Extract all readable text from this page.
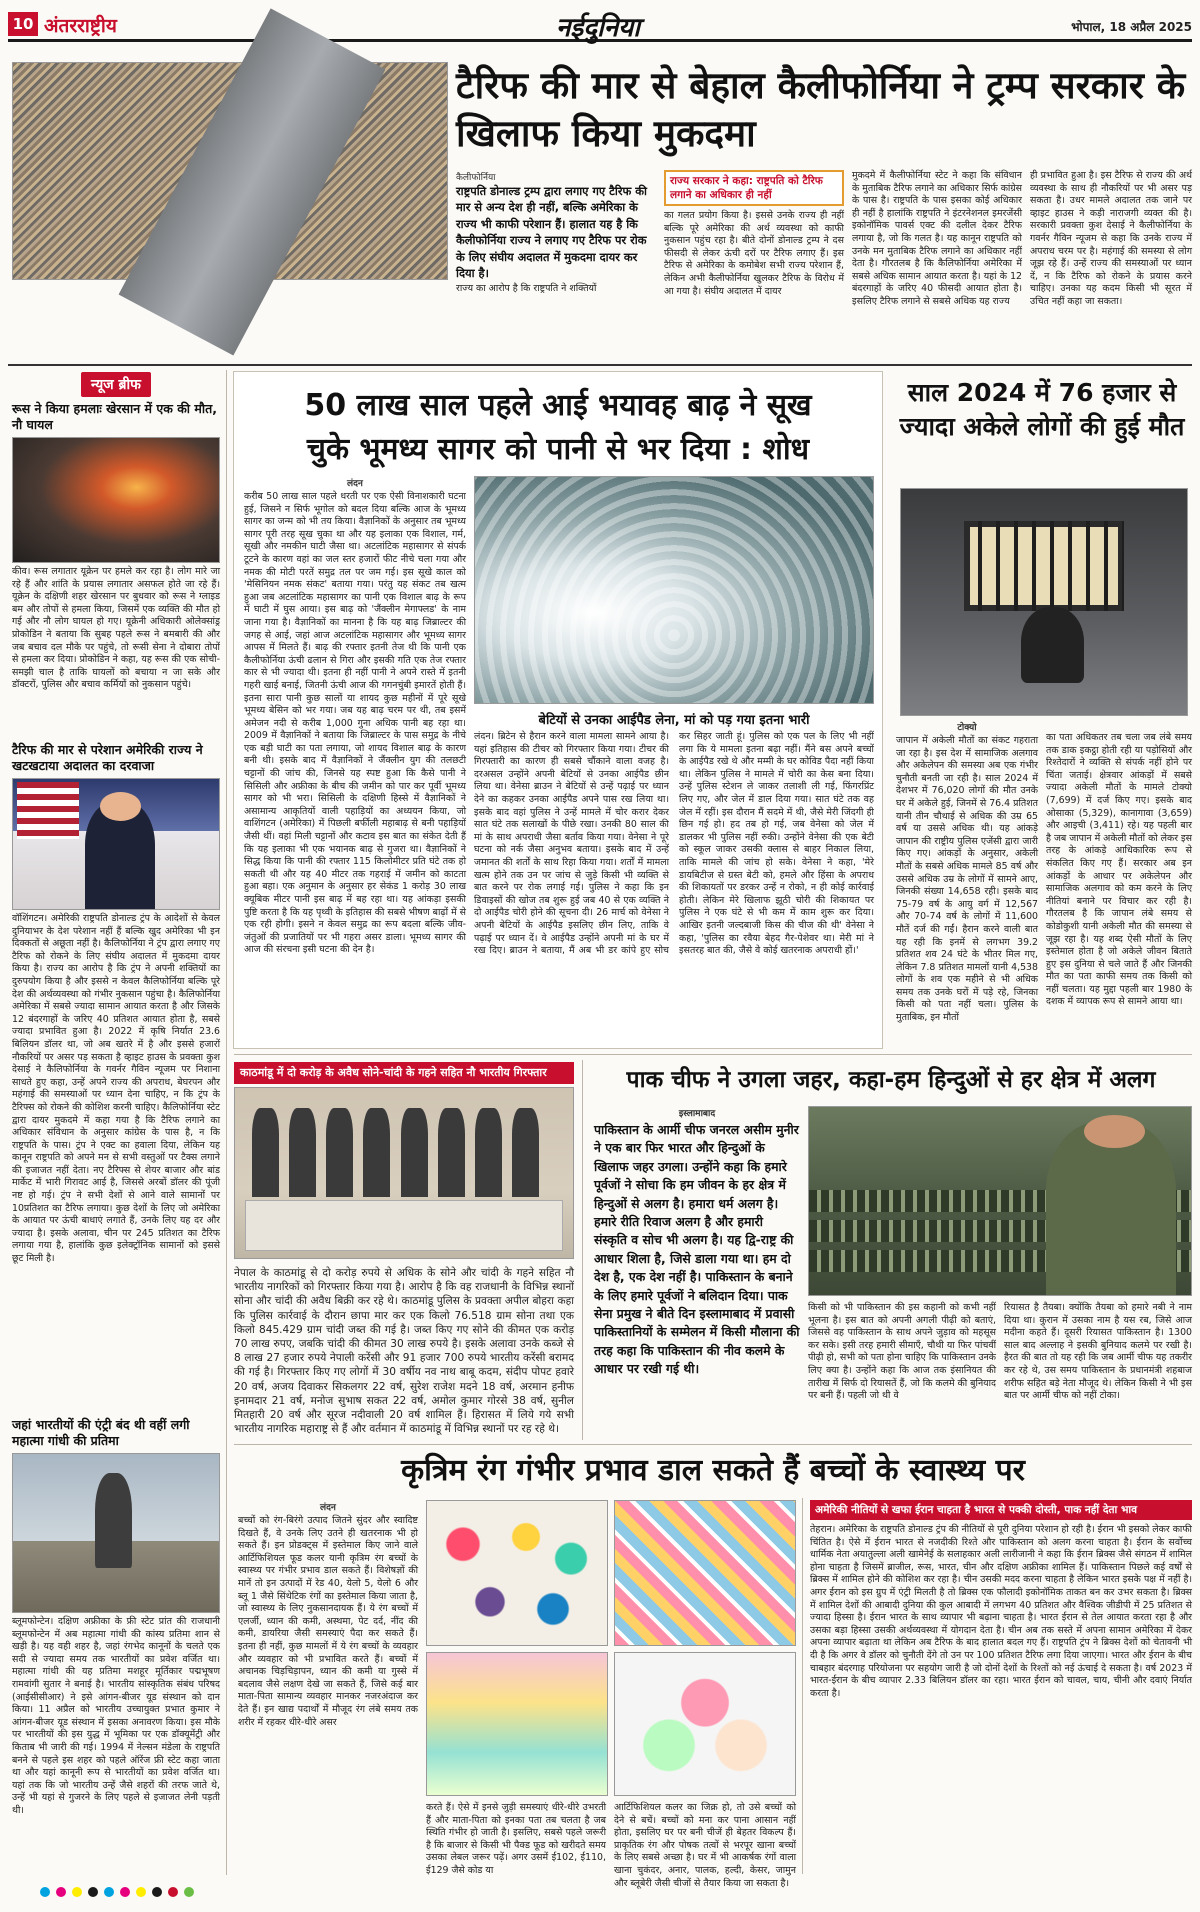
10 अंतरराष्ट्रीय	नईदुनिया	भोपाल, 18 अप्रैल 2025
टैरिफ की मार से बेहाल कैलीफोर्निया ने ट्रम्प सरकार के खिलाफ किया मुकदमा
कैलीफोर्निया
राष्ट्रपति डोनाल्ड ट्रम्प द्वारा लगाए गए टैरिफ की मार से अन्य देश ही नहीं, बल्कि अमेरिका के राज्य भी काफी परेशान हैं। हालात यह है कि कैलीफोर्निया राज्य ने लगाए गए टैरिफ पर रोक के लिए संघीय अदालत में मुकदमा दायर कर दिया है।
राज्य का आरोप है कि राष्ट्रपति ने शक्तियों
राज्य सरकार ने कहा: राष्ट्रपति को टैरिफ लगाने का अधिकार ही नहीं
का गलत प्रयोग किया है। इससे उनके राज्य ही नहीं बल्कि पूरे अमेरिका की अर्थ व्यवस्था को काफी नुकसान पहुंच रहा है। बीते दोनों डोनाल्ड ट्रम्प ने दस फीसदी से लेकर ऊंची दरों पर टैरिफ लगाए हैं। इस टैरिफ से अमेरिका के कमोबेश सभी राज्य परेशान हैं, लेकिन अभी कैलीफोर्निया खुलकर टैरिफ के विरोध में आ गया है। संघीय अदालत में दायर
मुकदमे में कैलीफोर्निया स्टेट ने कहा कि संविधान के मुताबिक टैरिफ लगाने का अधिकार सिर्फ कांग्रेस के पास है। राष्ट्रपति के पास इसका कोई अधिकार ही नहीं है हालांकि राष्ट्रपति ने इंटरनेशनल इमरजेंसी इकोनॉमिक पावर्स एक्ट की दलील देकर टैरिफ लगाया है, जो कि गलत है। यह कानून राष्ट्रपति को उनके मन मुताबिक टैरिफ लगाने का अधिकार नहीं देता है। गौरतलब है कि कैलिफोर्निया अमेरिका में सबसे अधिक सामान आयात करता है। यहां के 12 बंदरगाहों के जरिए 40 फीसदी आयात होता है। इसलिए टैरिफ लगाने से सबसे अधिक यह राज्य
ही प्रभावित हुआ है। इस टैरिफ से राज्य की अर्थ व्यवस्था के साथ ही नौकरियों पर भी असर पड़ सकता है। उधर मामले अदालत तक जाने पर व्हाइट हाउस ने कड़ी नाराजगी व्यक्त की है। सरकारी प्रवक्ता कुश देसाई ने कैलीफोर्निया के गवर्नर गैविन न्यूजम से कहा कि उनके राज्य में अपराध चरम पर है। महंगाई की समस्या से लोग जूझ रहे हैं। उन्हें राज्य की समस्याओं पर ध्यान दें, न कि टैरिफ को रोकने के प्रयास करने चाहिए। उनका यह कदम किसी भी सूरत में उचित नहीं कहा जा सकता।
न्यूज ब्रीफ
रूस ने किया हमलाः खेरसान में एक की मौत, नौ घायल
कीव। रूस लगातार यूक्रेन पर हमले कर रहा है। लोग मारे जा रहे हैं और शांति के प्रयास लगातार असफल होते जा रहे हैं। यूक्रेन के दक्षिणी शहर खेरसान पर बुधवार को रूस ने ग्लाइड बम और तोपों से हमला किया, जिसमें एक व्यक्ति की मौत हो गई और नौ लोग घायल हो गए। यूक्रेनी अधिकारी ओलेक्सांड्र प्रोकोडिन ने बताया कि सुबह पहले रूस ने बमबारी की और जब बचाव दल मौके पर पहुंचे, तो रूसी सेना ने दोबारा तोपों से हमला कर दिया। प्रोकोडिन ने कहा, यह रूस की एक सोची-समझी चाल है ताकि घायलों को बचाया न जा सके और डॉक्टरों, पुलिस और बचाव कर्मियों को नुकसान पहुंचे।
टैरिफ की मार से परेशान अमेरिकी राज्य ने खटखटाया अदालत का दरवाजा
वॉशिंगटन। अमेरिकी राष्ट्रपति डोनाल्ड ट्रंप के आदेशों से केवल दुनियाभर के देश परेशान नहीं हैं बल्कि खुद अमेरिका भी इन दिक्कतों से अछूता नहीं है। कैलिफोर्निया ने ट्रंप द्वारा लगाए गए टैरिफ को रोकने के लिए संघीय अदालत में मुकदमा दायर किया है। राज्य का आरोप है कि ट्रंप ने अपनी शक्तियों का दुरुपयोग किया है और इससे न केवल कैलिफोर्निया बल्कि पूरे देश की अर्थव्यवस्था को गंभीर नुकसान पहुंचा है। कैलिफोर्निया अमेरिका में सबसे ज्यादा सामान आयात करता है और जिसके 12 बंदरगाहों के जरिए 40 प्रतिशत आयात होता है, सबसे ज्यादा प्रभावित हुआ है। 2022 में कृषि निर्यात 23.6 बिलियन डॉलर था, जो अब खतरे में है और इससे हजारों नौकरियों पर असर पड़ सकता है व्हाइट हाउस के प्रवक्ता कुश देसाई ने कैलिफोर्निया के गवर्नर गैविन न्यूजम पर निशाना साधते हुए कहा, उन्हें अपने राज्य की अपराध, बेघरपन और महंगाई की समस्याओं पर ध्यान देना चाहिए, न कि ट्रंप के टैरिफ्स को रोकने की कोशिश करनी चाहिए। कैलिफोर्निया स्टेट द्वारा दायर मुकदमे में कहा गया है कि टैरिफ लगाने का अधिकार संविधान के अनुसार कांग्रेस के पास है, न कि राष्ट्रपति के पास। ट्रंप ने एक्ट का हवाला दिया, लेकिन यह कानून राष्ट्रपति को अपने मन से सभी वस्तुओं पर टैक्स लगाने की इजाजत नहीं देता। नए टैरिफ्स से शेयर बाजार और बांड मार्केट में भारी गिरावट आई है, जिससे अरबों डॉलर की पूंजी नष्ट हो गई। ट्रंप ने सभी देशों से आने वाले सामानों पर 10प्रतिशत का टैरिफ लगाया। कुछ देशों के लिए जो अमेरिका के आयात पर ऊंची बाधाएं लगाते हैं, उनके लिए यह दर और ज्यादा है। इसके अलावा, चीन पर 245 प्रतिशत का टैरिफ लगाया गया है, हालांकि कुछ इलेक्ट्रॉनिक सामानों को इससे छूट मिली है।
जहां भारतीयों की एंट्री बंद थी वहीं लगी महात्मा गांधी की प्रतिमा
ब्लूमफोन्टेन। दक्षिण अफ्रीका के फ्री स्टेट प्रांत की राजधानी ब्लूमफोन्टेन में अब महात्मा गांधी की कांस्य प्रतिमा शान से खड़ी है। यह वही शहर है, जहां रंगभेद कानूनों के चलते एक सदी से ज्यादा समय तक भारतीयों का प्रवेश वर्जित था। महात्मा गांधी की यह प्रतिमा मशहूर मूर्तिकार पद्मभूषण रामवांगी सुतार ने बनाई है। भारतीय सांस्कृतिक संबंध परिषद (आईसीसीआर) ने इसे आंगन-बीजर यूड संस्थान को दान किया। 11 अप्रैल को भारतीय उच्चायुक्त प्रभात कुमार ने आंगन-बीजर यूड संस्थान में इसका अनावरण किया। इस मौके पर भारतीयों की इस युद्ध में भूमिका पर एक डॉक्यूमेंट्री और किताब भी जारी की गई। 1994 में नेल्सन मंडेला के राष्ट्रपति बनने से पहले इस शहर को पहले ऑरेंज फ्री स्टेट कहा जाता था और यहां कानूनी रूप से भारतीयों का प्रवेश वर्जित था। यहां तक कि जो भारतीय उन्हें जैसे शहरों की तरफ जाते थे, उन्हें भी यहां से गुजरने के लिए पहले से इजाजत लेनी पड़ती थी।
50 लाख साल पहले आई भयावह बाढ़ ने सूख
चुके भूमध्य सागर को पानी से भर दिया : शोध
लंदन
करीब 50 लाख साल पहले धरती पर एक ऐसी विनाशकारी घटना हुई, जिसने न सिर्फ भूगोल को बदल दिया बल्कि आज के भूमध्य सागर का जन्म को भी तय किया। वैज्ञानिकों के अनुसार तब भूमध्य सागर पूरी तरह सूख चुका था और यह इलाका एक विशाल, गर्म, सूखी और नमकीन घाटी जैसा था। अटलांटिक महासागर से संपर्क टूटने के कारण वहां का जल स्तर हजारों फीट नीचे चला गया और नमक की मोटी परतें समुद्र तल पर जम गई। इस सूखे काल को 'मेसिनियन नमक संकट' बताया गया। परंतु यह संकट तब खत्म हुआ जब अटलांटिक महासागर का पानी एक विशाल बाढ़ के रूप में घाटी में घुस आया। इस बाढ़ को 'जैंक्लीन मेगाफ्लड' के नाम जाना गया है। वैज्ञानिकों का मानना है कि यह बाढ़ जिब्राल्टर की जगह से आई, जहां आज अटलांटिक महासागर और भूमध्य सागर आपस में मिलते हैं। बाढ़ की रफ्तार इतनी तेज थी कि पानी एक कैलीफोर्निया ऊंची ढलान से गिरा और इसकी गति एक तेज रफ्तार कार से भी ज्यादा थी। इतना ही नहीं पानी ने अपने रास्ते में इतनी गहरी खाई बनाई, जितनी ऊंची आज की गगनचुंबी इमारतें होती हैं। इतना सारा पानी कुछ सालों या शायद कुछ महीनों में पूरे सूखे भूमध्य बेसिन को भर गया। जब यह बाढ़ चरम पर थी, तब इसमें अमेजन नदी से करीब 1,000 गुना अधिक पानी बह रहा था। 2009 में वैज्ञानिकों ने बताया कि जिब्राल्टर के पास समुद्र के नीचे एक बड़ी घाटी का पता लगाया, जो शायद विशाल बाढ़ के कारण बनी थी। इसके बाद में वैज्ञानिकों ने जैंक्लीन युग की तलछटी चट्टानों की जांच की, जिनसे यह स्पष्ट हुआ कि कैसे पानी ने सिसिली और अफ्रीका के बीच की जमीन को पार कर पूर्वी भूमध्य सागर को भी भरा। सिसिली के दक्षिणी हिस्से में वैज्ञानिकों ने असामान्य आकृतियों वाली पहाड़ियों का अध्ययन किया, जो वाशिंगटन (अमेरिका) में पिछली बर्फीली महाबाढ़ से बनी पहाड़ियों जैसी थीं। वहां मिली चट्टानों और कटाव इस बात का संकेत देती हैं कि यह इलाका भी एक भयानक बाढ़ से गुजरा था। वैज्ञानिकों ने सिद्ध किया कि पानी की रफ्तार 115 किलोमीटर प्रति घंटे तक हो सकती थी और यह 40 मीटर तक गहराई में जमीन को काटता हुआ बहा। एक अनुमान के अनुसार हर सेकंड 1 करोड़ 30 लाख क्यूबिक मीटर पानी इस बाढ़ में बह रहा था। यह आंकड़ा इसकी पुष्टि करता है कि यह पृथ्वी के इतिहास की सबसे भीषण बाढ़ों में से एक रही होगी। इसने न केवल समुद्र का रूप बदला बल्कि जीव-जंतुओं की प्रजातियों पर भी गहरा असर डाला। भूमध्य सागर की आज की संरचना इसी घटना की देन है।
बेटियों से उनका आईपैड लेना, मां को पड़ गया इतना भारी
लंदन। ब्रिटेन से हैरान करने वाला मामला सामने आया है। यहां इतिहास की टीचर को गिरफ्तार किया गया। टीचर की गिरफ्तारी का कारण ही सबसे चौंकाने वाला वजह है। दरअसल उन्होंने अपनी बेटियों से उनका आईपैड छीन लिया था। वेनेसा ब्राउन ने बेटियों से उन्हें पढ़ाई पर ध्यान देने का कहकर उनका आईपैड अपने पास रख लिया था। इसके बाद वहां पुलिस ने उन्हें मामले में चोर करार देकर सात घंटे तक सलाखों के पीछे रखा। उनकी 80 साल की मां के साथ अपराधी जैसा बर्ताव किया गया। वेनेसा ने पूरे घटना को नर्क जैसा अनुभव बताया। इसके बाद में उन्हें जमानत की शर्तों के साथ रिहा किया गया। शर्तों में मामला खत्म होने तक उन पर जांच से जुड़े किसी भी व्यक्ति से बात करने पर रोक लगाई गई। पुलिस ने कहा कि इन डिवाइसों की खोज तब शुरू हुई जब 40 से एक व्यक्ति ने दो आईपैड चोरी होने की सूचना दी। 26 मार्च को वेनेसा ने अपनी बेटियों के आईपैड इसलिए छीन लिए, ताकि वे पढ़ाई पर ध्यान दें। वे आईपैड उन्होंने अपनी मां के घर में रख दिए। ब्राउन ने बताया, मैं अब भी डर कांपे हुए सोच कर सिहर जाती हूं। पुलिस को एक पल के लिए भी नहीं लगा कि ये मामला इतना बढ़ा नहीं। मैंने बस अपने बच्चों के आईपैड रखे थे और मम्मी के घर कोविड पैदा नहीं किया था। लेकिन पुलिस ने मामले में चोरी का केस बना दिया। उन्हें पुलिस स्टेशन ले जाकर तलाशी ली गई, फिंगरप्रिंट लिए गए, और जेल में डाल दिया गया। सात घंटे तक वह जेल में रहीं। इस दौरान मैं सदमे में थी, जैसे मेरी जिंदगी ही छिन गई हो। हद तब हो गई, जब वेनेसा को जेल में डालकर भी पुलिस नहीं रुकी। उन्होंने वेनेसा की एक बेटी को स्कूल जाकर उसकी क्लास से बाहर निकाल लिया, ताकि मामले की जांच हो सके। वेनेसा ने कहा, 'मेरे डायबिटीज से ग्रस्त बेटी को, हमले और हिंसा के अपराध की शिकायतों पर डरकर उन्हें न रोको, न ही कोई कार्रवाई होती। लेकिन मेरे खिलाफ झूठी चोरी की शिकायत पर पुलिस ने एक घंटे से भी कम में काम शुरू कर दिया। आखिर इतनी जल्दबाजी किस की चीज की थी' वेनेसा ने कहा, 'पुलिस का रवैया बेहद गैर-पेशेवर था। मेरी मां ने इसतरह बात की, जैसे वे कोई खतरनाक अपराधी हों।'
साल 2024 में 76 हजार से ज्यादा अकेले लोगों की हुई मौत
टोक्यो
जापान में अकेली मौतों का संकट गहराता जा रहा है। इस देश में सामाजिक अलगाव और अकेलेपन की समस्या अब एक गंभीर चुनौती बनती जा रही है। साल 2024 में देशभर में 76,020 लोगों की मौत उनके घर में अकेले हुई, जिनमें से 76.4 प्रतिशत यानी तीन चौथाई से अधिक की उम्र 65 वर्ष या उससे अधिक थी। यह आंकड़े जापान की राष्ट्रीय पुलिस एजेंसी द्वारा जारी किए गए। आंकड़ों के अनुसार, अकेली मौतों के सबसे अधिक मामले 85 वर्ष और उससे अधिक उम्र के लोगों में सामने आए, जिनकी संख्या 14,658 रही। इसके बाद 75-79 वर्ष के आयु वर्ग में 12,567 और 70-74 वर्ष के लोगों में 11,600 मौतें दर्ज की गईं। हैरान करने वाली बात यह रही कि इनमें से लगभग 39.2 प्रतिशत शव 24 घंटे के भीतर मिल गए, लेकिन 7.8 प्रतिशत मामलों यानी 4,538 लोगों के शव एक महीने से भी अधिक समय तक उनके घरों में पड़े रहे, जिनका किसी को पता नहीं चला। पुलिस के मुताबिक, इन मौतों
का पता अधिकतर तब चला जब लंबे समय तक डाक इकट्ठा होती रही या पड़ोसियों और रिश्तेदारों ने व्यक्ति से संपर्क नहीं होने पर चिंता जताई। क्षेत्रवार आंकड़ों में सबसे ज्यादा अकेली मौतों के मामले टोक्यो (7,699) में दर्ज किए गए। इसके बाद ओसाका (5,329), कानागावा (3,659) और आइची (3,411) रहे। यह पहली बार है जब जापान में अकेली मौतों को लेकर इस तरह के आंकड़े आधिकारिक रूप से संकलित किए गए हैं। सरकार अब इन आंकड़ों के आधार पर अकेलेपन और सामाजिक अलगाव को कम करने के लिए नीतियां बनाने पर विचार कर रही है। गौरतलब है कि जापान लंबे समय से कोडोकुशी यानी अकेली मौत की समस्या से जूझ रहा है। यह शब्द ऐसी मौतों के लिए इस्तेमाल होता है जो अकेले जीवन बिताते हुए इस दुनिया से चले जाते हैं और जिनकी मौत का पता काफी समय तक किसी को नहीं चलता। यह मुद्दा पहली बार 1980 के दशक में व्यापक रूप से सामने आया था।
काठमांडू में दो करोड़ के अवैध सोने-चांदी के गहने सहित नौ भारतीय गिरफ्तार
नेपाल के काठमांडू से दो करोड़ रुपये से अधिक के सोने और चांदी के गहने सहित नौ भारतीय नागरिकों को गिरफ्तार किया गया है। आरोप है कि वह राजधानी के विभिन्न स्थानों सोना और चांदी की अवैध बिक्री कर रहे थे। काठमांडू पुलिस के प्रवक्ता अपील बोहरा कहा कि पुलिस कार्रवाई के दौरान छापा मार कर एक किलो 76.518 ग्राम सोना तथा एक किलो 845.429 ग्राम चांदी जब्त की गई है। जब्त किए गए सोने की कीमत एक करोड़ 70 लाख रुपए, जबकि चांदी की कीमत 30 लाख रुपये है। इसके अलावा उनके कब्जे से 8 लाख 27 हजार रुपये नेपाली करेंसी और 91 हजार 700 रुपये भारतीय करेंसी बरामद की गई है। गिरफ्तार किए गए लोगों में 30 वर्षीय नव नाथ बाबू कदम, संदीप पोपट हवारे 20 वर्ष, अजय दिवाकर सिकलगर 22 वर्ष, सुरेश राजेश मदने 18 वर्ष, अरमान हनीफ इनामदार 21 वर्ष, मनोज सुभाष सकत 22 वर्ष, अमोल कुमार गोरसे 38 वर्ष, सुनील मितहारी 20 वर्ष और सूरज नदीवाली 20 वर्ष शामिल हैं। हिरासत में लिये गये सभी भारतीय नागरिक महाराष्ट्र से हैं और वर्तमान में काठमांडू में विभिन्न स्थानों पर रह रहे थे।
पाक चीफ ने उगला जहर, कहा-हम हिन्दुओं से हर क्षेत्र में अलग
इस्लामाबाद
पाकिस्तान के आर्मी चीफ जनरल असीम मुनीर ने एक बार फिर भारत और हिन्दुओं के खिलाफ जहर उगला। उन्होंने कहा कि हमारे पूर्वजों ने सोचा कि हम जीवन के हर क्षेत्र में हिन्दुओं से अलग है। हमारा धर्म अलग है। हमारे रीति रिवाज अलग है और हमारी संस्कृति व सोच भी अलग है। यह द्वि-राष्ट्र की आधार शिला है, जिसे डाला गया था। हम दो देश है, एक देश नहीं है। पाकिस्तान के बनाने के लिए हमारे पूर्वजों ने बलिदान दिया। पाक सेना प्रमुख ने बीते दिन इस्लामाबाद में प्रवासी पाकिस्तानियों के सम्मेलन में किसी मौलाना की तरह कहा कि पाकिस्तान की नीव कलमे के आधार पर रखी गई थी।
किसी को भी पाकिस्तान की इस कहानी को कभी नहीं भूलना है। इस बात को अपनी अगली पीढ़ी को बताएं, जिससे वह पाकिस्तान के साथ अपने जुड़ाव को महसूस कर सके। इसी तरह हमारी सीमाएँ, चौथी या फिर पांचवीं पीढ़ी हो, सभी को पता होना चाहिए कि पाकिस्तान उनके लिए क्या है। उन्होंने कहा कि आज तक इंसानियत की तारीख में सिर्फ दो रियासतें हैं, जो कि कलमे की बुनियाद पर बनी हैं। पहली जो थी वे
रियासत है तैयबा। क्योंकि तैयबा को हमारे नबी ने नाम दिया था। कुरान में उसका नाम है यस रब, जिसे आज मदीना कहते हैं। दूसरी रियासत पाकिस्तान है। 1300 साल बाद अल्लाह ने इसकी बुनियाद कलमे पर रखी है। हैरत की बात तो यह रही कि जब आर्मी चीफ यह तकरीर कर रहे थे, उस समय पाकिस्तान के प्रधानमंत्री शहबाज शरीफ सहित बड़े नेता मौजूद थे। लेकिन किसी ने भी इस बात पर आर्मी चीफ को नहीं टोका।
कृत्रिम रंग गंभीर प्रभाव डाल सकते हैं बच्चों के स्वास्थ्य पर
लंदन
बच्चों को रंग-बिरंगे उत्पाद जितने सुंदर और स्वादिष्ट दिखते हैं, वे उनके लिए उतने ही खतरनाक भी हो सकते हैं। इन प्रोडक्ट्स में इस्तेमाल किए जाने वाले आर्टिफिशियल फूड कलर यानी कृत्रिम रंग बच्चों के स्वास्थ्य पर गंभीर प्रभाव डाल सकते हैं। विशेषज्ञों की मानें तो इन उत्पादों में रेड 40, येलो 5, येलो 6 और ब्लू 1 जैसे सिंथेटिक रंगों का इस्तेमाल किया जाता है, जो स्वास्थ्य के लिए नुकसानदायक हैं। ये रंग बच्चों में एलर्जी, ध्यान की कमी, अस्थमा, पेट दर्द, नींद की कमी, डायरिया जैसी समस्याएं पैदा कर सकते हैं। इतना ही नहीं, कुछ मामलों में ये रंग बच्चों के व्यवहार और व्यवहार को भी प्रभावित करते हैं। बच्चों में अचानक चिड़चिड़ापन, ध्यान की कमी या गुस्से में बदलाव जैसे लक्षण देखे जा सकते हैं, जिसे कई बार माता-पिता सामान्य व्यवहार मानकर नजरअंदाज कर देते हैं। इन खाद्य पदार्थों में मौजूद रंग लंबे समय तक शरीर में रहकर धीरे-धीरे असर
करते हैं। ऐसे में इनसे जुड़ी समस्याएं धीरे-धीरे उभरती हैं और माता-पिता को इनका पता तब चलता है जब स्थिति गंभीर हो जाती है। इसलिए, सबसे पहले जरूरी है कि बाजार से किसी भी पैक्ड फूड को खरीदते समय उसका लेबल जरूर पढ़ें। अगर उसमें ई102, ई110, ई129 जैसे कोड या
आर्टिफिशियल कलर का जिक्र हो, तो उसे बच्चों को देने से बचें। बच्चों को मना कर पाना आसान नहीं होता, इसलिए घर पर बनी चीजें ही बेहतर विकल्प हैं। प्राकृतिक रंग और पोषक तत्वों से भरपूर खाना बच्चों के लिए सबसे अच्छा है। घर में भी आकर्षक रंगों वाला खाना चुकंदर, अनार, पालक, हल्दी, केसर, जामुन और ब्लूबेरी जैसी चीजों से तैयार किया जा सकता है।
अमेरिकी नीतियों से खफा ईरान चाहता है भारत से पक्की दोस्ती, पाक नहीं देता भाव
तेहरान। अमेरिका के राष्ट्रपति डोनाल्ड ट्रंप की नीतियों से पूरी दुनिया परेशान हो रही है। ईरान भी इसको लेकर काफी चिंतित है। ऐसे में ईरान भारत से नजदीकी रिश्ते और पाकिस्तान को अलग करना चाहता है। ईरान के सर्वोच्च धार्मिक नेता अयातुल्ला अली खामेनेई के सलाहकार अली लारीजानी ने कहा कि ईरान ब्रिक्स जैसे संगठन में शामिल होना चाहता है जिसमें ब्राजील, रूस, भारत, चीन और दक्षिण अफ्रीका शामिल हैं। पाकिस्तान पिछले कई वर्षों से ब्रिक्स में शामिल होने की कोशिश कर रहा है। चीन उसकी मदद करना चाहता है लेकिन भारत इसके पक्ष में नहीं है। अगर ईरान को इस ग्रुप में एंट्री मिलती है तो ब्रिक्स एक फौलादी इकोनॉमिक ताकत बन कर उभर सकता है। ब्रिक्स में शामिल देशों की आबादी दुनिया की कुल आबादी में लगभग 40 प्रतिशत और वैश्विक जीडीपी में 25 प्रतिशत से ज्यादा हिस्सा है। ईरान भारत के साथ व्यापार भी बढ़ाना चाहता है। भारत ईरान से तेल आयात करता रहा है और उसका बड़ा हिस्सा उसकी अर्थव्यवस्था में योगदान देता है। चीन अब तक सस्ते में अपना सामान अमेरिका में देकर अपना व्यापार बढ़ाता था लेकिन अब टैरिफ के बाद हालात बदल गए हैं। राष्ट्रपति ट्रंप ने ब्रिक्स देशों को चेतावनी भी दी है कि अगर वे डॉलर को चुनौती देंगे तो उन पर 100 प्रतिशत टैरिफ लगा दिया जाएगा। भारत और ईरान के बीच चाबहार बंदरगाह परियोजना पर सहयोग जारी है जो दोनों देशों के रिश्तों को नई ऊंचाई दे सकता है। वर्ष 2023 में भारत-ईरान के बीच व्यापार 2.33 बिलियन डॉलर का रहा। भारत ईरान को चावल, चाय, चीनी और दवाएं निर्यात करता है।
